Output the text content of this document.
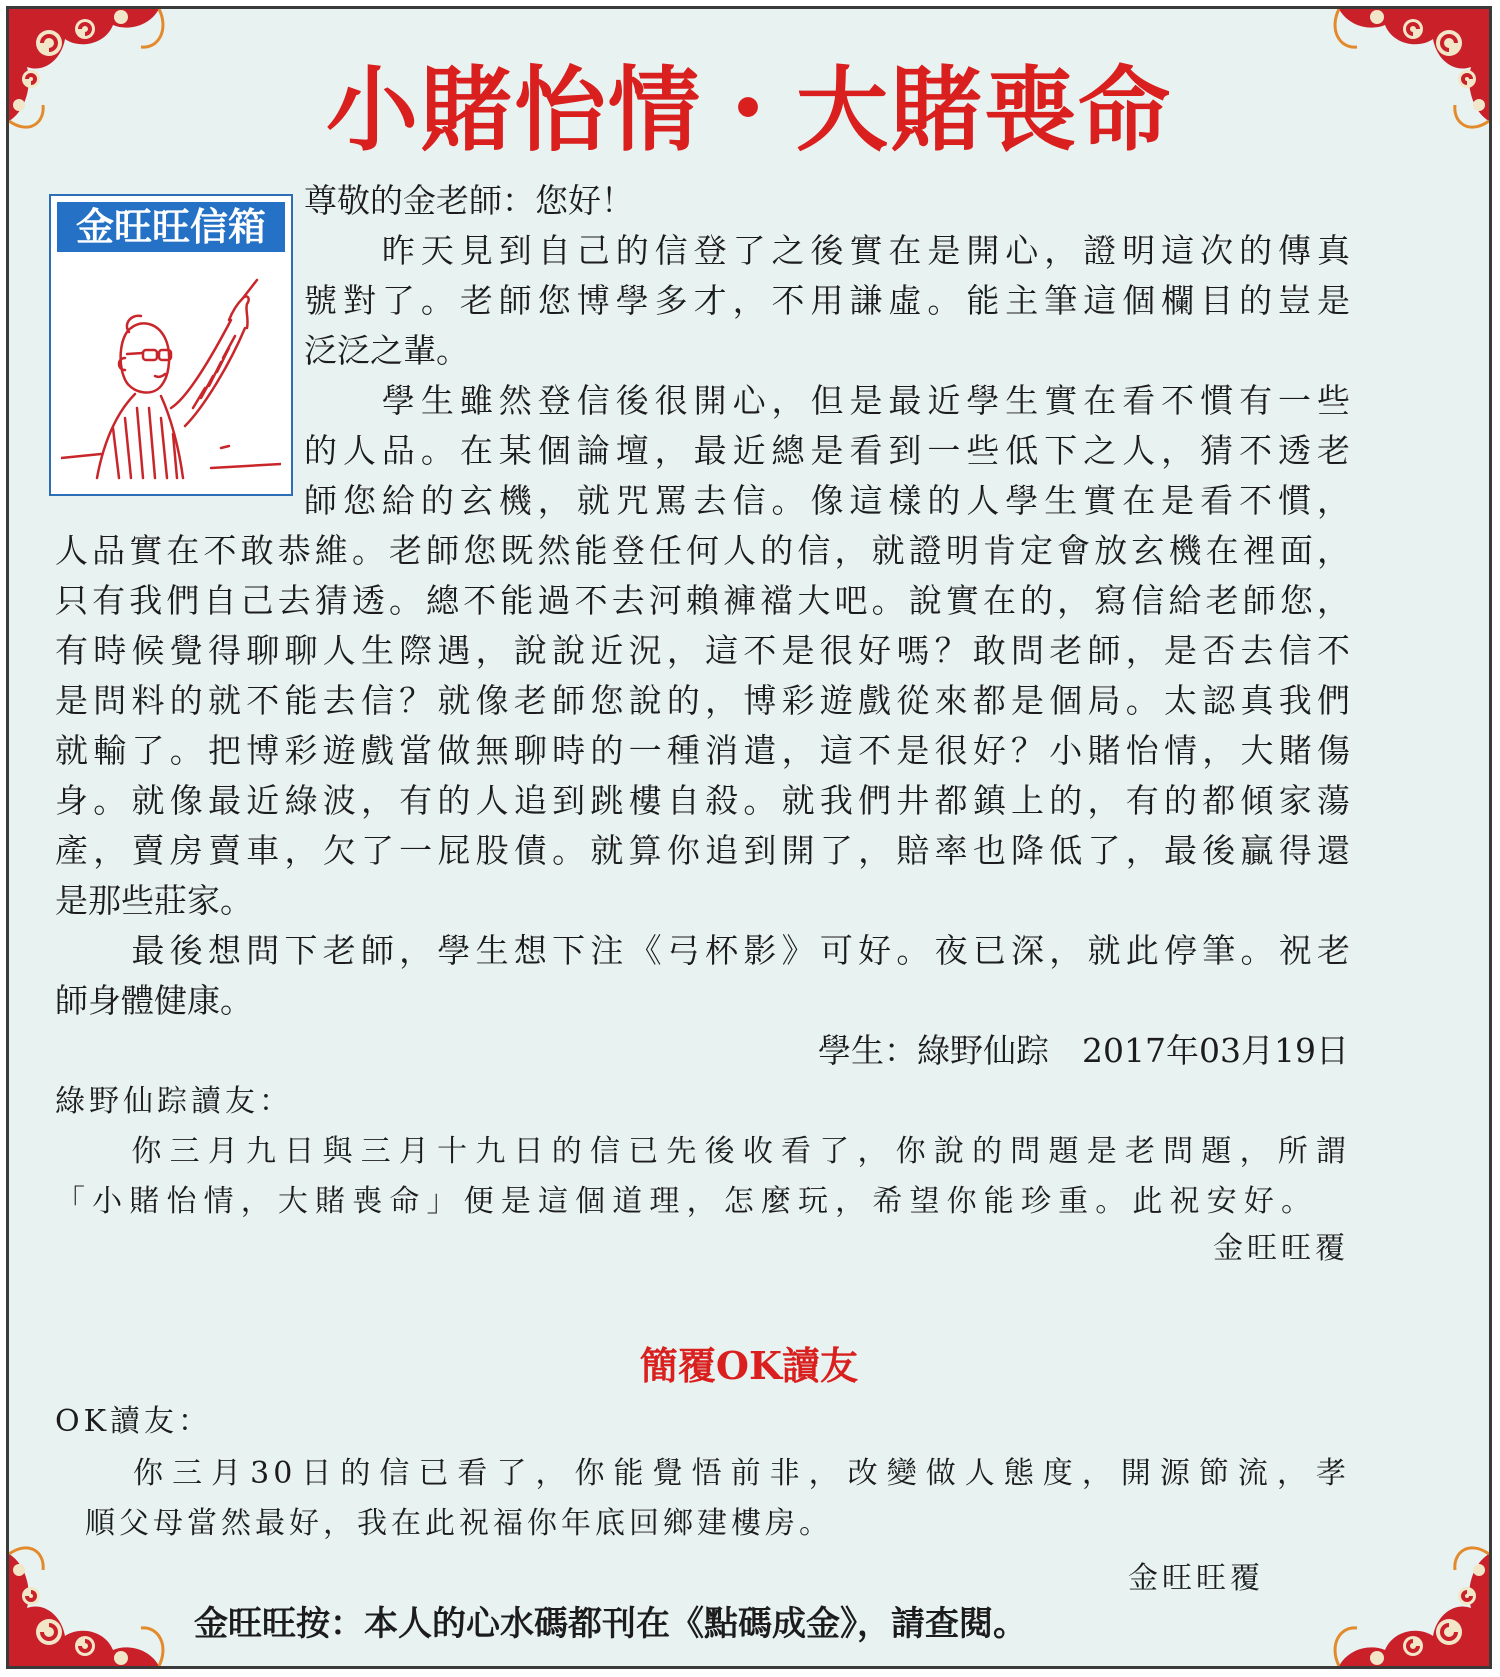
小賭怡情・大賭喪命
金旺旺信箱

尊敬的金老師：您好！

　　昨天見到自己的信登了之後實在是開心，證明這次的傳真

號對了。老師您博學多才，不用謙虛。能主筆這個欄目的豈是

泛泛之輩。

　　學生雖然登信後很開心，但是最近學生實在看不慣有一些

的人品。在某個論壇，最近總是看到一些低下之人，猜不透老

師您給的玄機，就咒罵去信。像這樣的人學生實在是看不慣，

人品實在不敢恭維。老師您既然能登任何人的信，就證明肯定會放玄機在裡面，

只有我們自己去猜透。總不能過不去河賴褲襠大吧。說實在的，寫信給老師您，

有時候覺得聊聊人生際遇，說說近況，這不是很好嗎？敢問老師，是否去信不

是問料的就不能去信？就像老師您說的，博彩遊戲從來都是個局。太認真我們

就輸了。把博彩遊戲當做無聊時的一種消遣，這不是很好？小賭怡情，大賭傷

身。就像最近綠波，有的人追到跳樓自殺。就我們井都鎮上的，有的都傾家蕩

產，賣房賣車，欠了一屁股債。就算你追到開了，賠率也降低了，最後贏得還

是那些莊家。

　　最後想問下老師，學生想下注《弓杯影》可好。夜已深，就此停筆。祝老

師身體健康。

學生：綠野仙踪　2017年03月19日

綠野仙踪讀友：

　　你三月九日與三月十九日的信已先後收看了，你說的問題是老問題，所謂

「小賭怡情，大賭喪命」便是這個道理，怎麼玩，希望你能珍重。此祝安好。

金旺旺覆

簡覆OK讀友

OK讀友：

　　你三月30日的信已看了，你能覺悟前非，改變做人態度，開源節流，孝

順父母當然最好，我在此祝福你年底回鄉建樓房。

金旺旺覆

金旺旺按：本人的心水碼都刊在《點碼成金》，請查閱。
